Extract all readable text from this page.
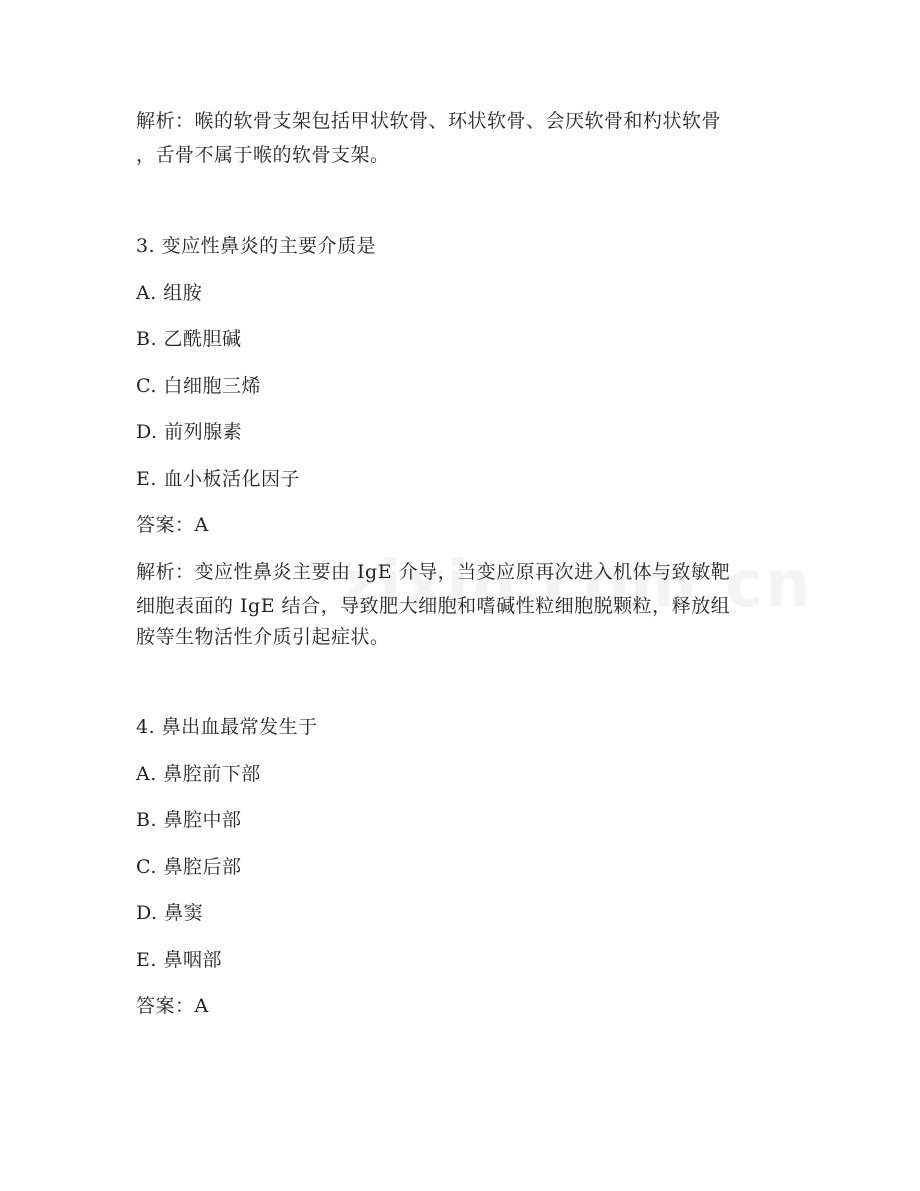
解析：喉的软骨支架包括甲状软骨、环状软骨、会厌软骨和杓状软骨
，舌骨不属于喉的软骨支架。
3. 变应性鼻炎的主要介质是
A. 组胺
B. 乙酰胆碱
C. 白细胞三烯
D. 前列腺素
E. 血小板活化因子
答案：A
解析：变应性鼻炎主要由 IgE 介导，当变应原再次进入机体与致敏靶
细胞表面的 IgE 结合，导致肥大细胞和嗜碱性粒细胞脱颗粒，释放组
胺等生物活性介质引起症状。
4. 鼻出血最常发生于
A. 鼻腔前下部
B. 鼻腔中部
C. 鼻腔后部
D. 鼻窦
E. 鼻咽部
答案：A
